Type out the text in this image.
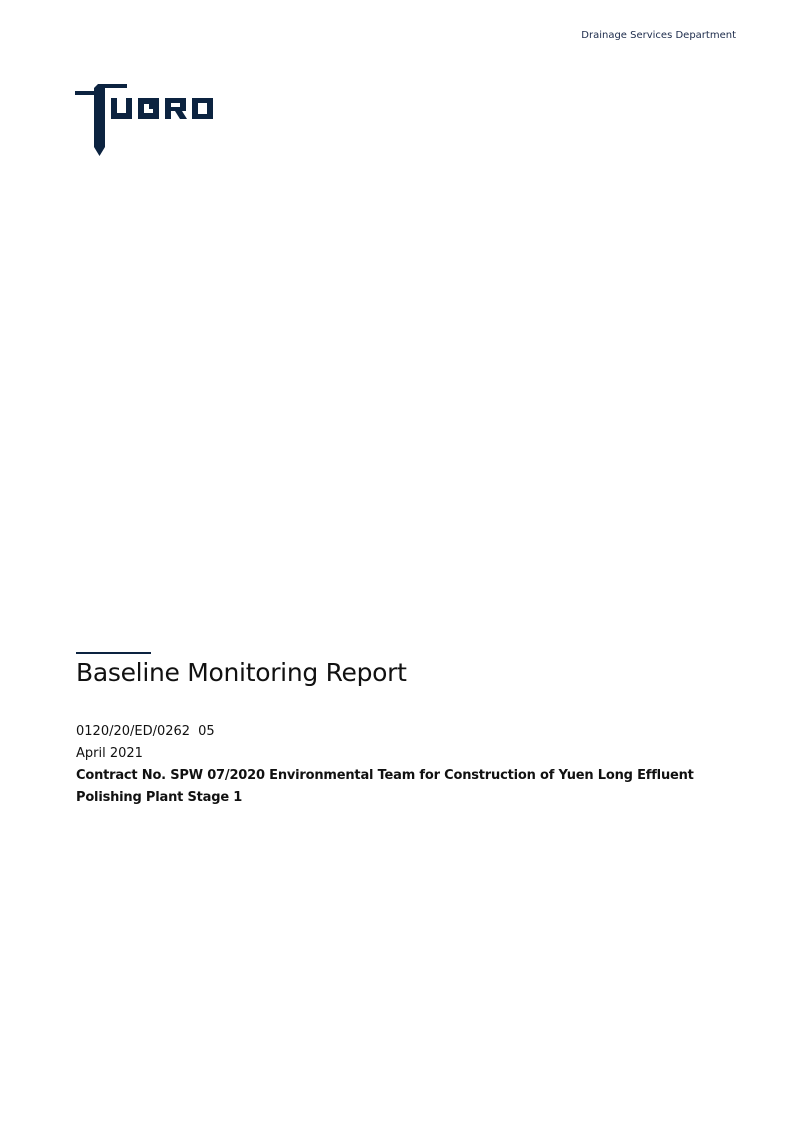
Drainage Services Department
Baseline Monitoring Report
0120/20/ED/0262 05
April 2021
Contract No. SPW 07/2020 Environmental Team for Construction of Yuen Long Effluent Polishing Plant Stage 1
